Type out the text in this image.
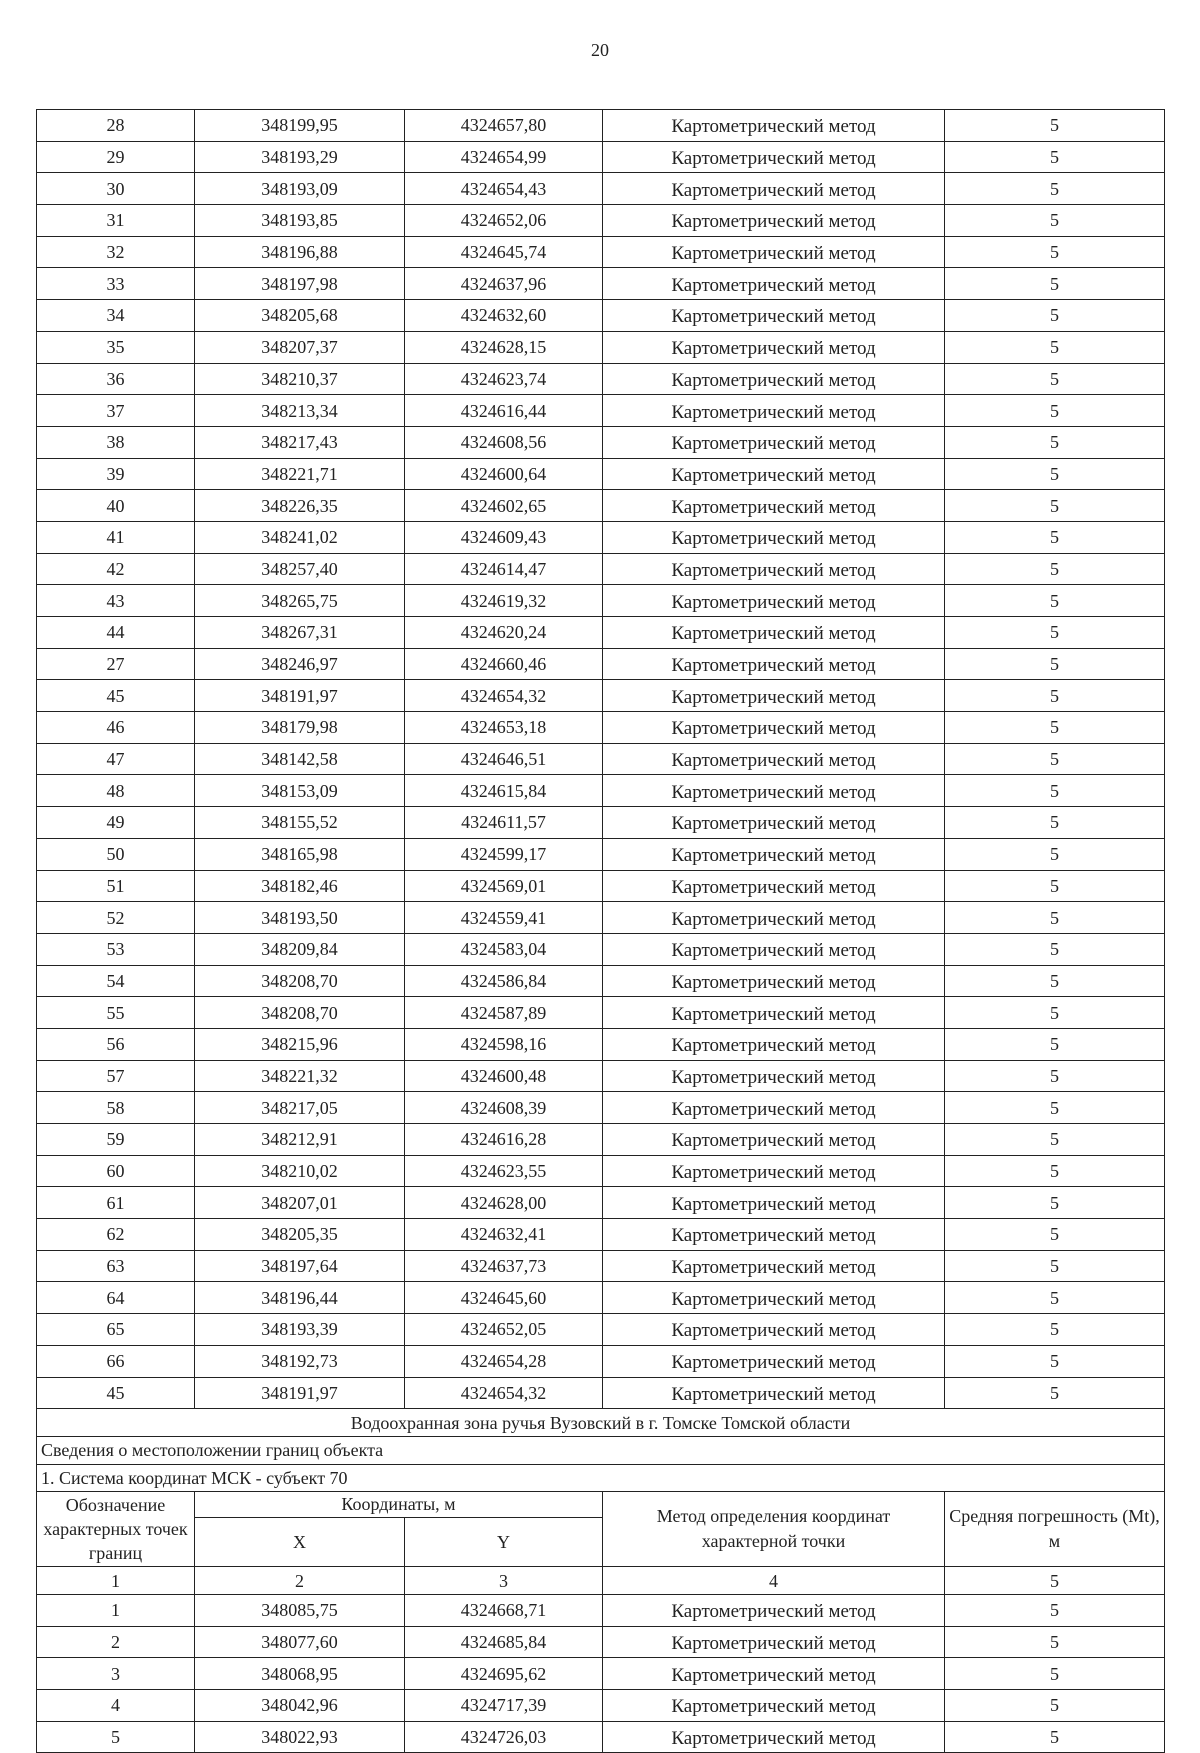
20
28	348199,95	4324657,80	Картометрический метод	5
29	348193,29	4324654,99	Картометрический метод	5
30	348193,09	4324654,43	Картометрический метод	5
31	348193,85	4324652,06	Картометрический метод	5
32	348196,88	4324645,74	Картометрический метод	5
33	348197,98	4324637,96	Картометрический метод	5
34	348205,68	4324632,60	Картометрический метод	5
35	348207,37	4324628,15	Картометрический метод	5
36	348210,37	4324623,74	Картометрический метод	5
37	348213,34	4324616,44	Картометрический метод	5
38	348217,43	4324608,56	Картометрический метод	5
39	348221,71	4324600,64	Картометрический метод	5
40	348226,35	4324602,65	Картометрический метод	5
41	348241,02	4324609,43	Картометрический метод	5
42	348257,40	4324614,47	Картометрический метод	5
43	348265,75	4324619,32	Картометрический метод	5
44	348267,31	4324620,24	Картометрический метод	5
27	348246,97	4324660,46	Картометрический метод	5
45	348191,97	4324654,32	Картометрический метод	5
46	348179,98	4324653,18	Картометрический метод	5
47	348142,58	4324646,51	Картометрический метод	5
48	348153,09	4324615,84	Картометрический метод	5
49	348155,52	4324611,57	Картометрический метод	5
50	348165,98	4324599,17	Картометрический метод	5
51	348182,46	4324569,01	Картометрический метод	5
52	348193,50	4324559,41	Картометрический метод	5
53	348209,84	4324583,04	Картометрический метод	5
54	348208,70	4324586,84	Картометрический метод	5
55	348208,70	4324587,89	Картометрический метод	5
56	348215,96	4324598,16	Картометрический метод	5
57	348221,32	4324600,48	Картометрический метод	5
58	348217,05	4324608,39	Картометрический метод	5
59	348212,91	4324616,28	Картометрический метод	5
60	348210,02	4324623,55	Картометрический метод	5
61	348207,01	4324628,00	Картометрический метод	5
62	348205,35	4324632,41	Картометрический метод	5
63	348197,64	4324637,73	Картометрический метод	5
64	348196,44	4324645,60	Картометрический метод	5
65	348193,39	4324652,05	Картометрический метод	5
66	348192,73	4324654,28	Картометрический метод	5
45	348191,97	4324654,32	Картометрический метод	5
Водоохранная зона ручья Вузовский в г. Томске Томской области				
Сведения о местоположении границ объекта				
1. Система координат МСК - субъект 70				
Обозначение характерных точек границ	Координаты, м		Метод определения координат характерной точки	Средняя погрешность (Mt), м
	X	Y		
1	2	3	4	5
1	348085,75	4324668,71	Картометрический метод	5
2	348077,60	4324685,84	Картометрический метод	5
3	348068,95	4324695,62	Картометрический метод	5
4	348042,96	4324717,39	Картометрический метод	5
5	348022,93	4324726,03	Картометрический метод	5
